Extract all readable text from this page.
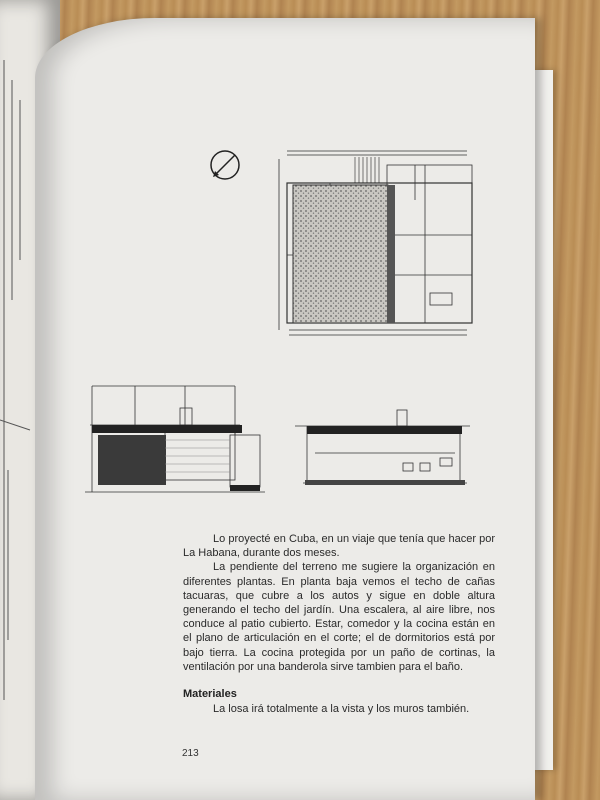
Lo proyecté en Cuba, en un viaje que tenía que hacer por La Habana, durante dos meses.

La pendiente del terreno me sugiere la organización en diferentes plantas. En planta baja vemos el techo de cañas tacuaras, que cubre a los autos y sigue en doble altura generando el techo del jardín. Una escalera, al aire libre, nos conduce al patio cubierto. Estar, comedor y la cocina están en el plano de articulación en el corte; el de dormitorios está por bajo tierra. La cocina protegida por un paño de cortinas, la ventilación por una banderola sirve tambien para el baño.

Materiales
La losa irá totalmente a la vista y los muros también.
213
